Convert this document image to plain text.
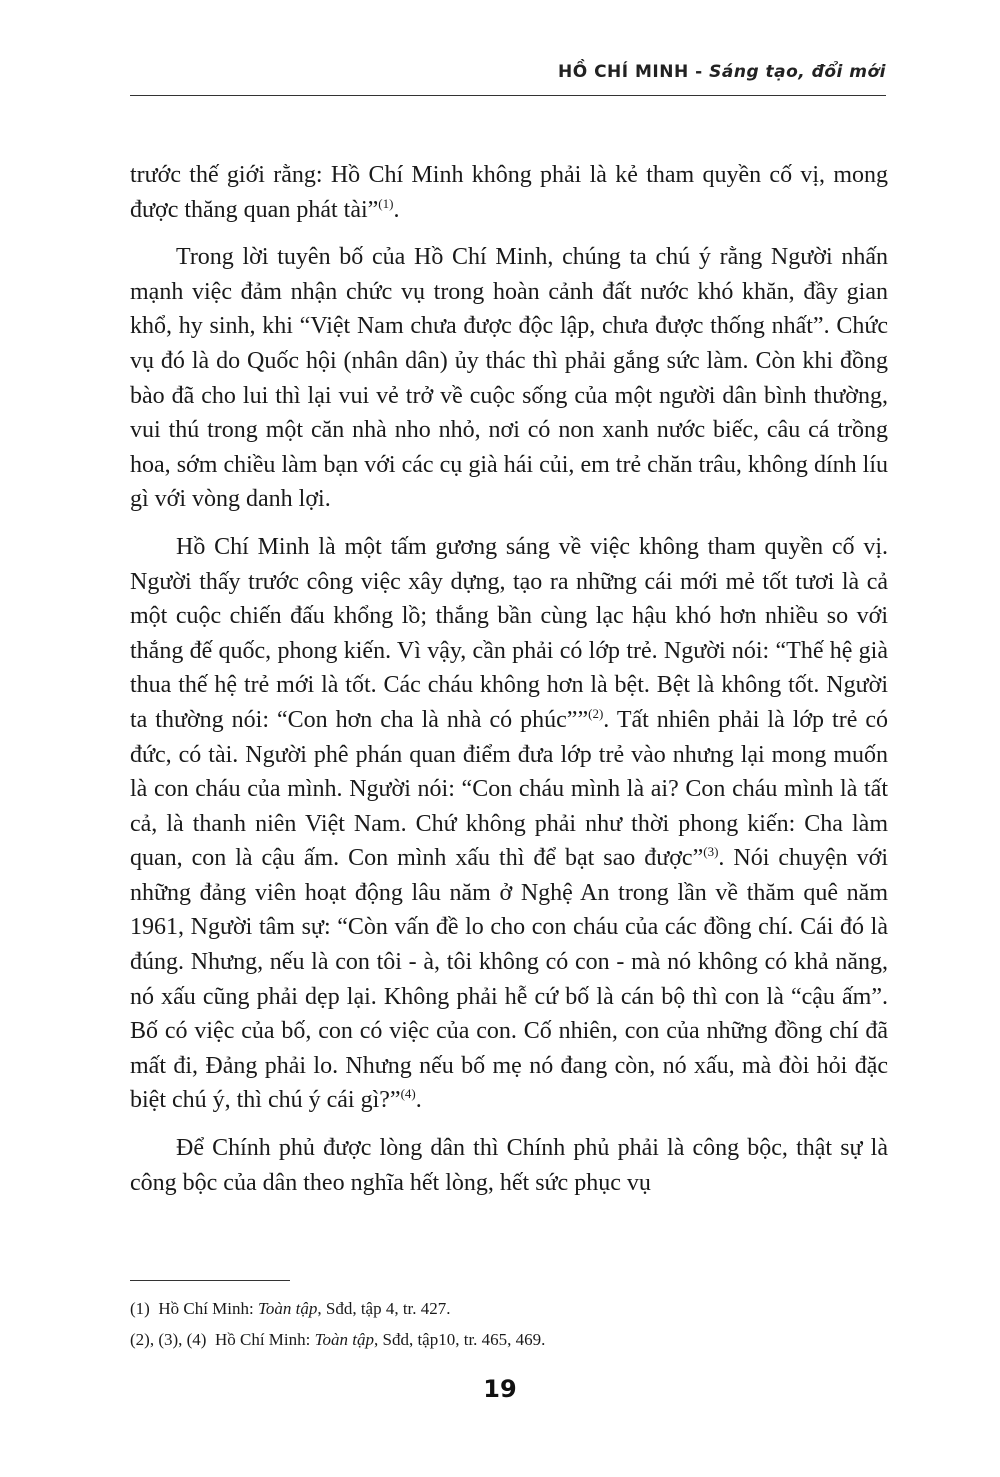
HỒ CHÍ MINH - Sáng tạo, đổi mới

trước thế giới rằng: Hồ Chí Minh không phải là kẻ tham quyền cố vị, mong được thăng quan phát tài”$^{(1)}$.

Trong lời tuyên bố của Hồ Chí Minh, chúng ta chú ý rằng Người nhấn mạnh việc đảm nhận chức vụ trong hoàn cảnh đất nước khó khăn, đầy gian khổ, hy sinh, khi “Việt Nam chưa được độc lập, chưa được thống nhất”. Chức vụ đó là do Quốc hội (nhân dân) ủy thác thì phải gắng sức làm. Còn khi đồng bào đã cho lui thì lại vui vẻ trở về cuộc sống của một người dân bình thường, vui thú trong một căn nhà nho nhỏ, nơi có non xanh nước biếc, câu cá trồng hoa, sớm chiều làm bạn với các cụ già hái củi, em trẻ chăn trâu, không dính líu gì với vòng danh lợi.

Hồ Chí Minh là một tấm gương sáng về việc không tham quyền cố vị. Người thấy trước công việc xây dựng, tạo ra những cái mới mẻ tốt tươi là cả một cuộc chiến đấu khổng lồ; thắng bần cùng lạc hậu khó hơn nhiều so với thắng đế quốc, phong kiến. Vì vậy, cần phải có lớp trẻ. Người nói: “Thế hệ già thua thế hệ trẻ mới là tốt. Các cháu không hơn là bệt. Bệt là không tốt. Người ta thường nói: “Con hơn cha là nhà có phúc””$^{(2)}$. Tất nhiên phải là lớp trẻ có đức, có tài. Người phê phán quan điểm đưa lớp trẻ vào nhưng lại mong muốn là con cháu của mình. Người nói: “Con cháu mình là ai? Con cháu mình là tất cả, là thanh niên Việt Nam. Chứ không phải như thời phong kiến: Cha làm quan, con là cậu ấm. Con mình xấu thì để bạt sao được”$^{(3)}$. Nói chuyện với những đảng viên hoạt động lâu năm ở Nghệ An trong lần về thăm quê năm 1961, Người tâm sự: “Còn vấn đề lo cho con cháu của các đồng chí. Cái đó là đúng. Nhưng, nếu là con tôi - à, tôi không có con - mà nó không có khả năng, nó xấu cũng phải dẹp lại. Không phải hễ cứ bố là cán bộ thì con là “cậu ấm”. Bố có việc của bố, con có việc của con. Cố nhiên, con của những đồng chí đã mất đi, Đảng phải lo. Nhưng nếu bố mẹ nó đang còn, nó xấu, mà đòi hỏi đặc biệt chú ý, thì chú ý cái gì?”$^{(4)}$.

Để Chính phủ được lòng dân thì Chính phủ phải là công bộc, thật sự là công bộc của dân theo nghĩa hết lòng, hết sức phục vụ

(1) Hồ Chí Minh: Toàn tập, Sđd, tập 4, tr. 427.
(2), (3), (4) Hồ Chí Minh: Toàn tập, Sđd, tập10, tr. 465, 469.
19
